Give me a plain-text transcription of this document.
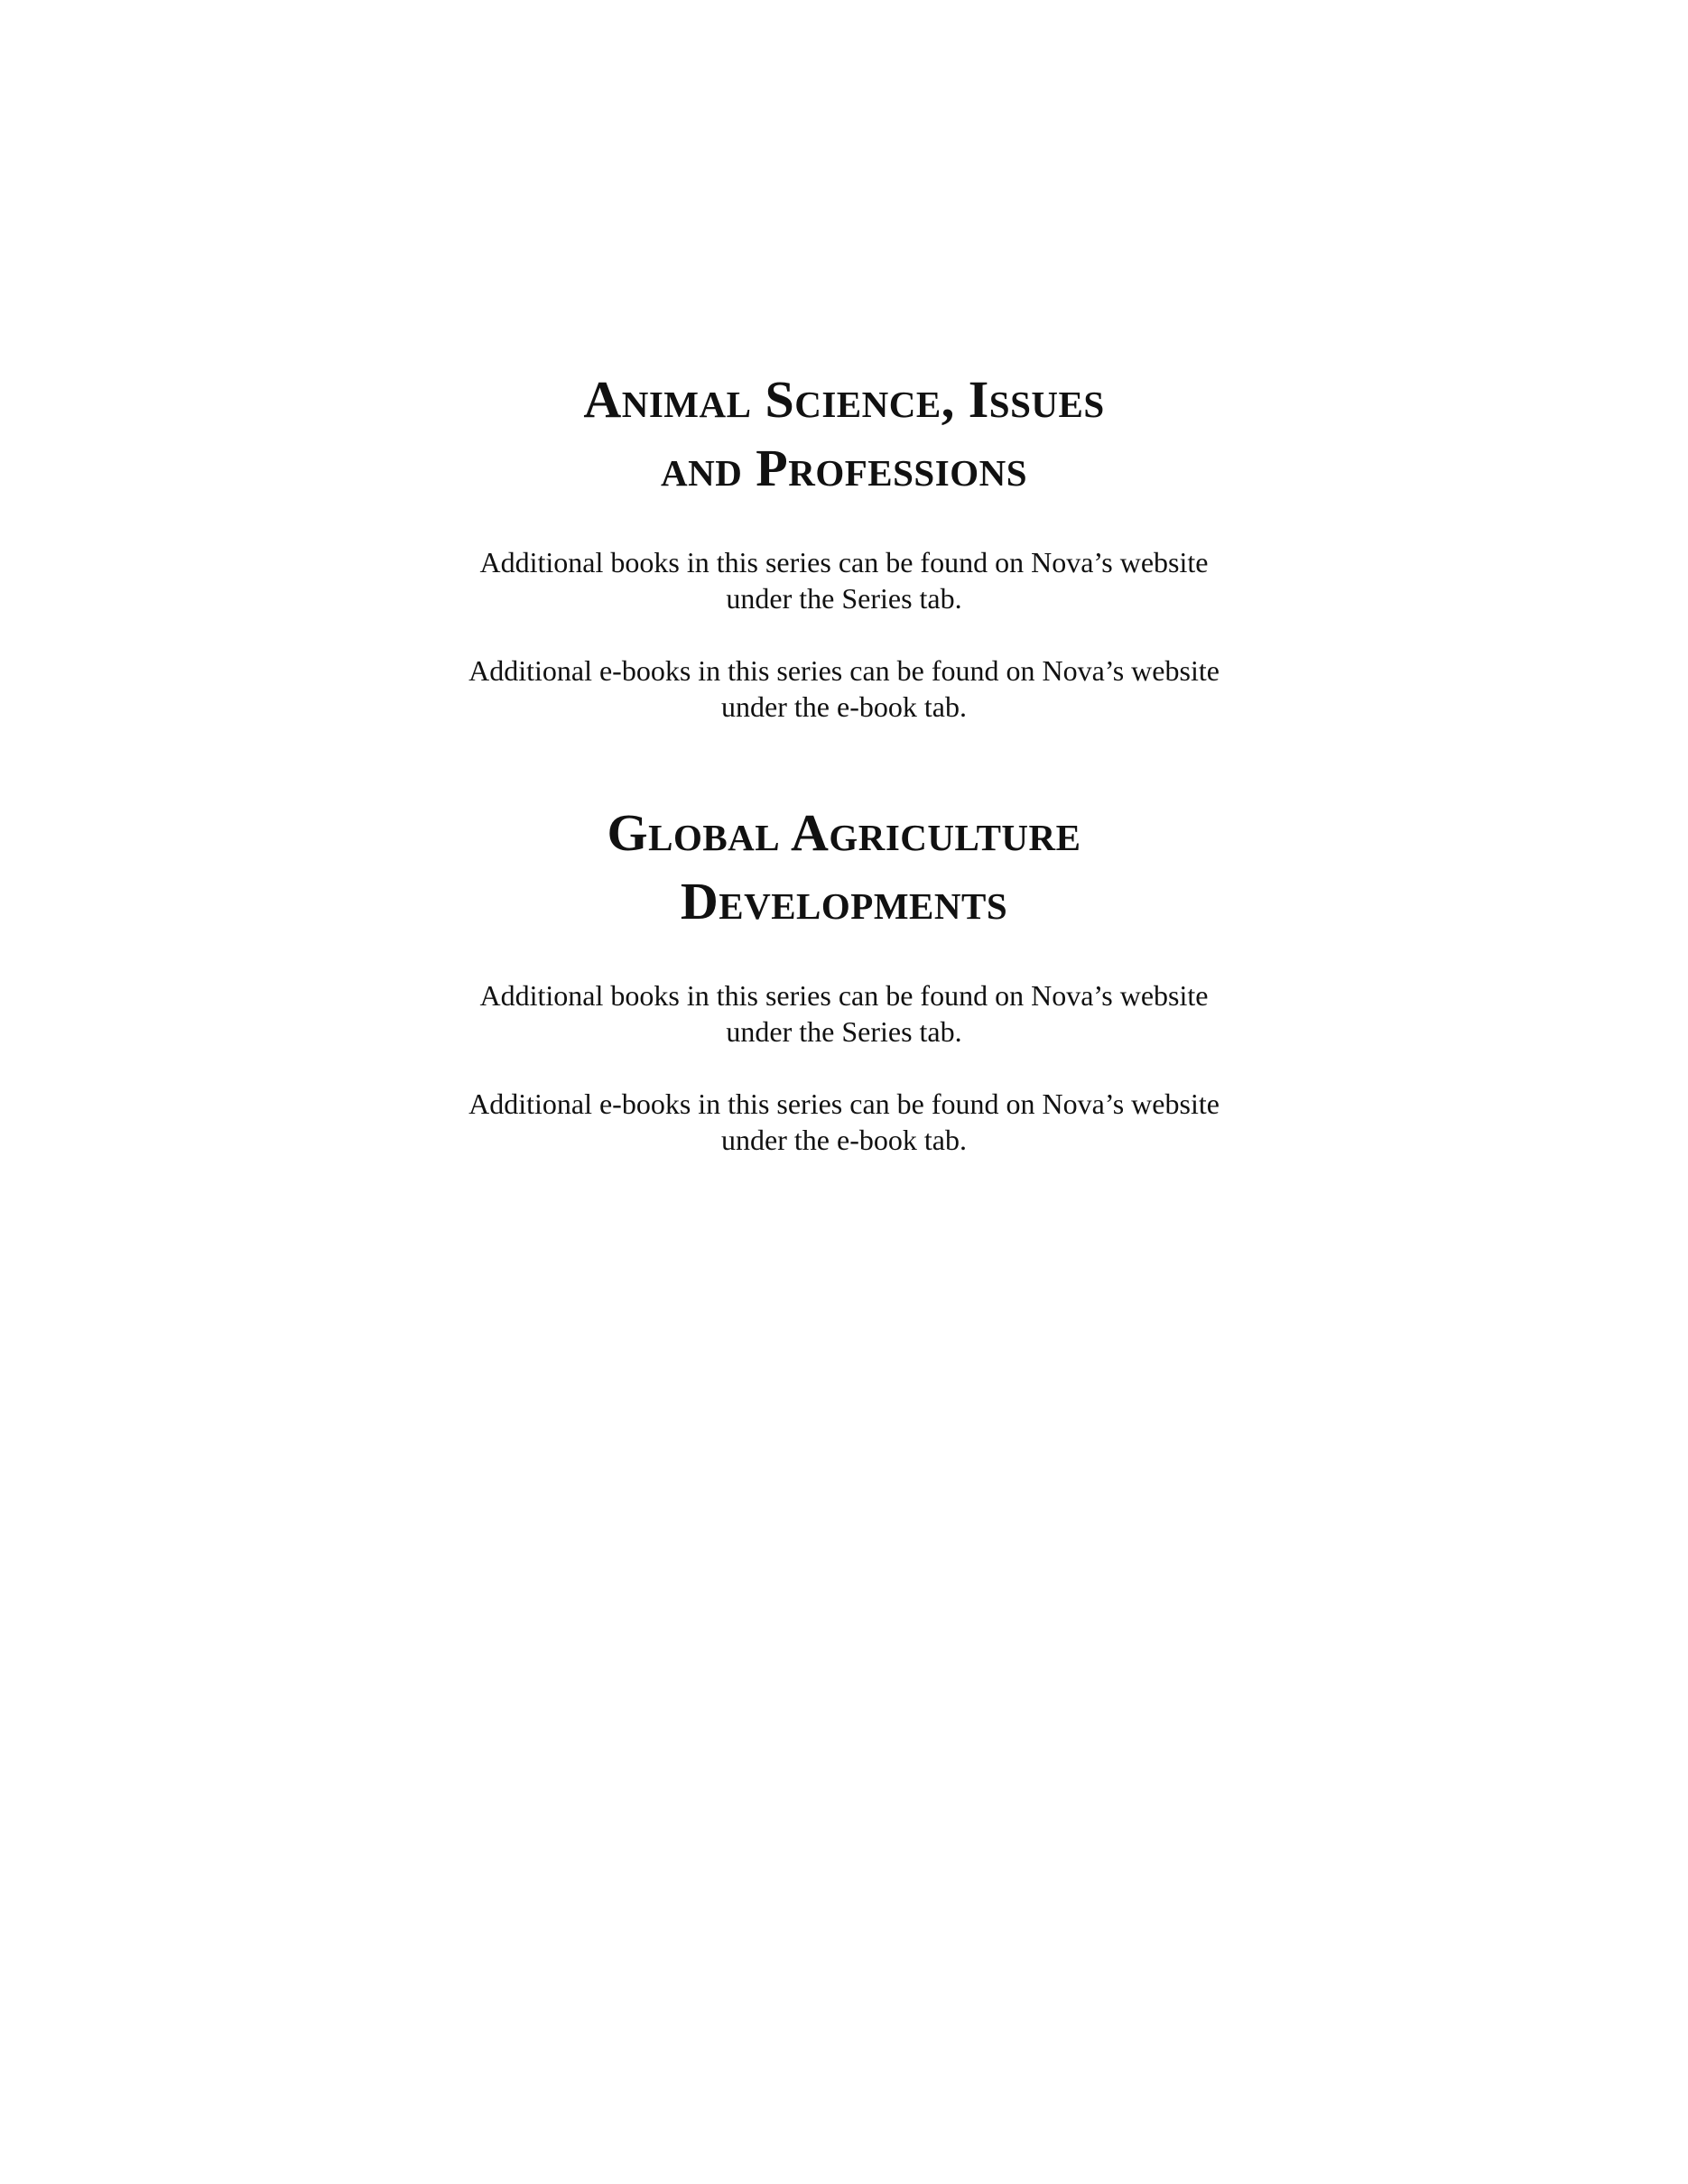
Animal Science, Issues
and Professions

Additional books in this series can be found on Nova’s website
under the Series tab.

Additional e-books in this series can be found on Nova’s website
under the e-book tab.

Global Agriculture
Developments

Additional books in this series can be found on Nova’s website
under the Series tab.

Additional e-books in this series can be found on Nova’s website
under the e-book tab.
